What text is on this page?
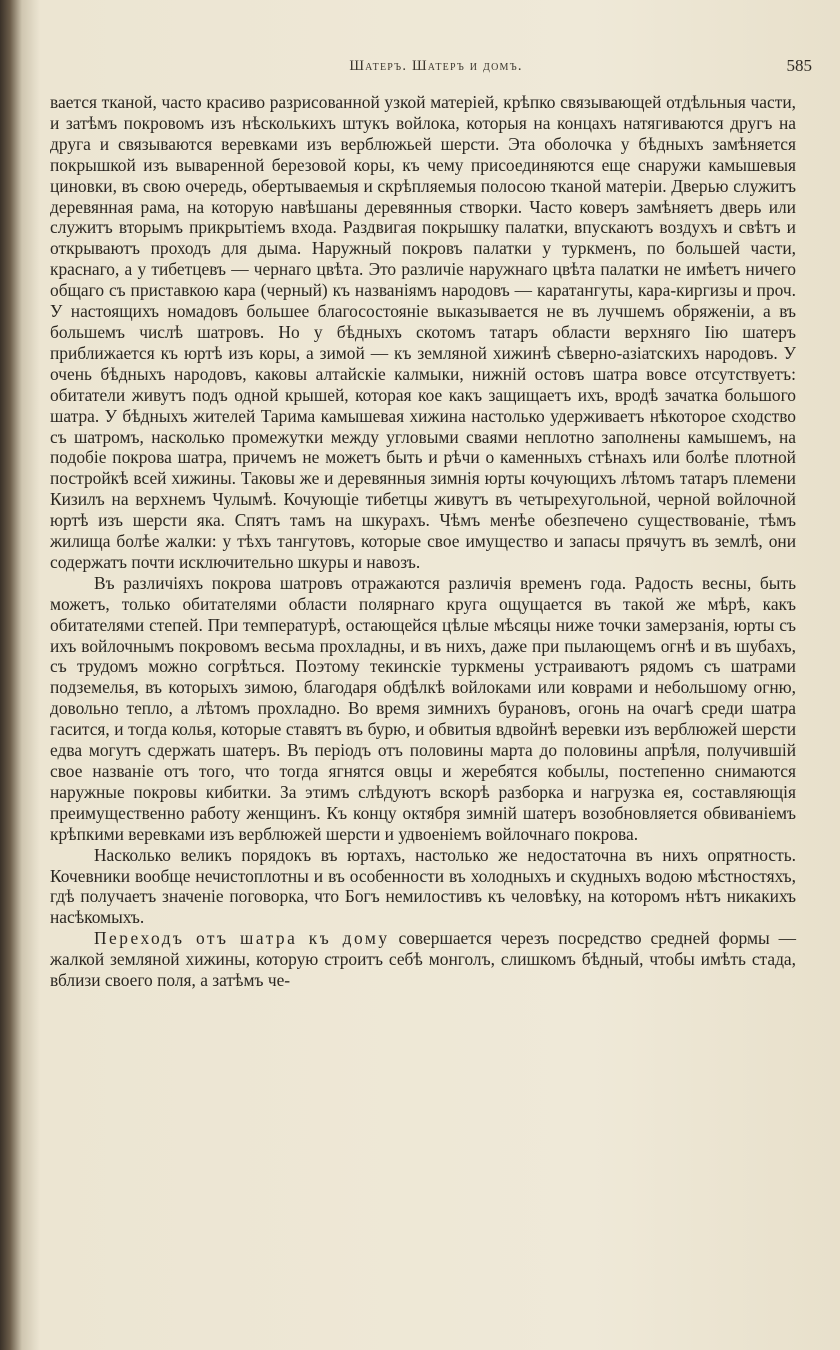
Шатеръ. Шатеръ и домъ.	585

вается тканой, часто красиво разрисованной узкой матеріей, крѣпко связывающей отдѣльныя части, и затѣмъ покровомъ изъ нѣсколькихъ штукъ войлока, которыя на концахъ натягиваются другъ на друга и связываются веревками изъ верблюжьей шерсти. Эта оболочка у бѣдныхъ замѣняется покрышкой изъ вываренной березовой коры, къ чему присоединяются еще снаружи камышевыя циновки, въ свою очередь, обертываемыя и скрѣпляемыя полосою тканой матеріи. Дверью служитъ деревянная рама, на которую навѣшаны деревянныя створки. Часто коверъ замѣняетъ дверь или служитъ вторымъ прикрытіемъ входа. Раздвигая покрышку палатки, впускаютъ воздухъ и свѣтъ и открываютъ проходъ для дыма. Наружный покровъ палатки у туркменъ, по большей части, краснаго, а у тибетцевъ — чернаго цвѣта. Это различіе наружнаго цвѣта палатки не имѣетъ ничего общаго съ приставкою кара (черный) къ названіямъ народовъ — каратангуты, кара-киргизы и проч. У настоящихъ номадовъ большее благосостояніе выказывается не въ лучшемъ обряженіи, а въ большемъ числѣ шатровъ. Но у бѣдныхъ скотомъ татаръ области верхняго Іію шатеръ приближается къ юртѣ изъ коры, а зимой — къ земляной хижинѣ сѣверно-азіатскихъ народовъ. У очень бѣдныхъ народовъ, каковы алтайскіе калмыки, нижній остовъ шатра вовсе отсутствуетъ: обитатели живутъ подъ одной крышей, которая кое какъ защищаетъ ихъ, вродѣ зачатка большого шатра. У бѣдныхъ жителей Тарима камышевая хижина настолько удерживаетъ нѣкоторое сходство съ шатромъ, насколько промежутки между угловыми сваями неплотно заполнены камышемъ, на подобіе покрова шатра, причемъ не можетъ быть и рѣчи о каменныхъ стѣнахъ или болѣе плотной постройкѣ всей хижины. Таковы же и деревянныя зимнія юрты кочующихъ лѣтомъ татаръ племени Кизилъ на верхнемъ Чулымѣ. Кочующіе тибетцы живутъ въ четырехугольной, черной войлочной юртѣ изъ шерсти яка. Спятъ тамъ на шкурахъ. Чѣмъ менѣе обезпечено существованіе, тѣмъ жилища болѣе жалки: у тѣхъ тангутовъ, которые свое имущество и запасы прячутъ въ землѣ, они содержатъ почти исключительно шкуры и навозъ.

Въ различіяхъ покрова шатровъ отражаются различія временъ года. Радость весны, быть можетъ, только обитателями области полярнаго круга ощущается въ такой же мѣрѣ, какъ обитателями степей. При температурѣ, остающейся цѣлые мѣсяцы ниже точки замерзанія, юрты съ ихъ войлочнымъ покровомъ весьма прохладны, и въ нихъ, даже при пылающемъ огнѣ и въ шубахъ, съ трудомъ можно согрѣться. Поэтому текинскіе туркмены устраиваютъ рядомъ съ шатрами подземелья, въ которыхъ зимою, благодаря обдѣлкѣ войлоками или коврами и небольшому огню, довольно тепло, а лѣтомъ прохладно. Во время зимнихъ бурановъ, огонь на очагѣ среди шатра гасится, и тогда колья, которые ставятъ въ бурю, и обвитыя вдвойнѣ веревки изъ верблюжей шерсти едва могутъ сдержать шатеръ. Въ періодъ отъ половины марта до половины апрѣля, получившій свое названіе отъ того, что тогда ягнятся овцы и жеребятся кобылы, постепенно снимаются наружные покровы кибитки. За этимъ слѣдуютъ вскорѣ разборка и нагрузка ея, составляющія преимущественно работу женщинъ. Къ концу октября зимній шатеръ возобновляется обвиваніемъ крѣпкими веревками изъ верблюжей шерсти и удвоеніемъ войлочнаго покрова.

Насколько великъ порядокъ въ юртахъ, настолько же недостаточна въ нихъ опрятность. Кочевники вообще нечистоплотны и въ особенности въ холодныхъ и скудныхъ водою мѣстностяхъ, гдѣ получаетъ значеніе поговорка, что Богъ немилостивъ къ человѣку, на которомъ нѣтъ никакихъ насѣкомыхъ.

Переходъ отъ шатра къ дому совершается черезъ посредство средней формы — жалкой земляной хижины, которую строитъ себѣ монголъ, слишкомъ бѣдный, чтобы имѣть стада, вблизи своего поля, а затѣмъ че-
